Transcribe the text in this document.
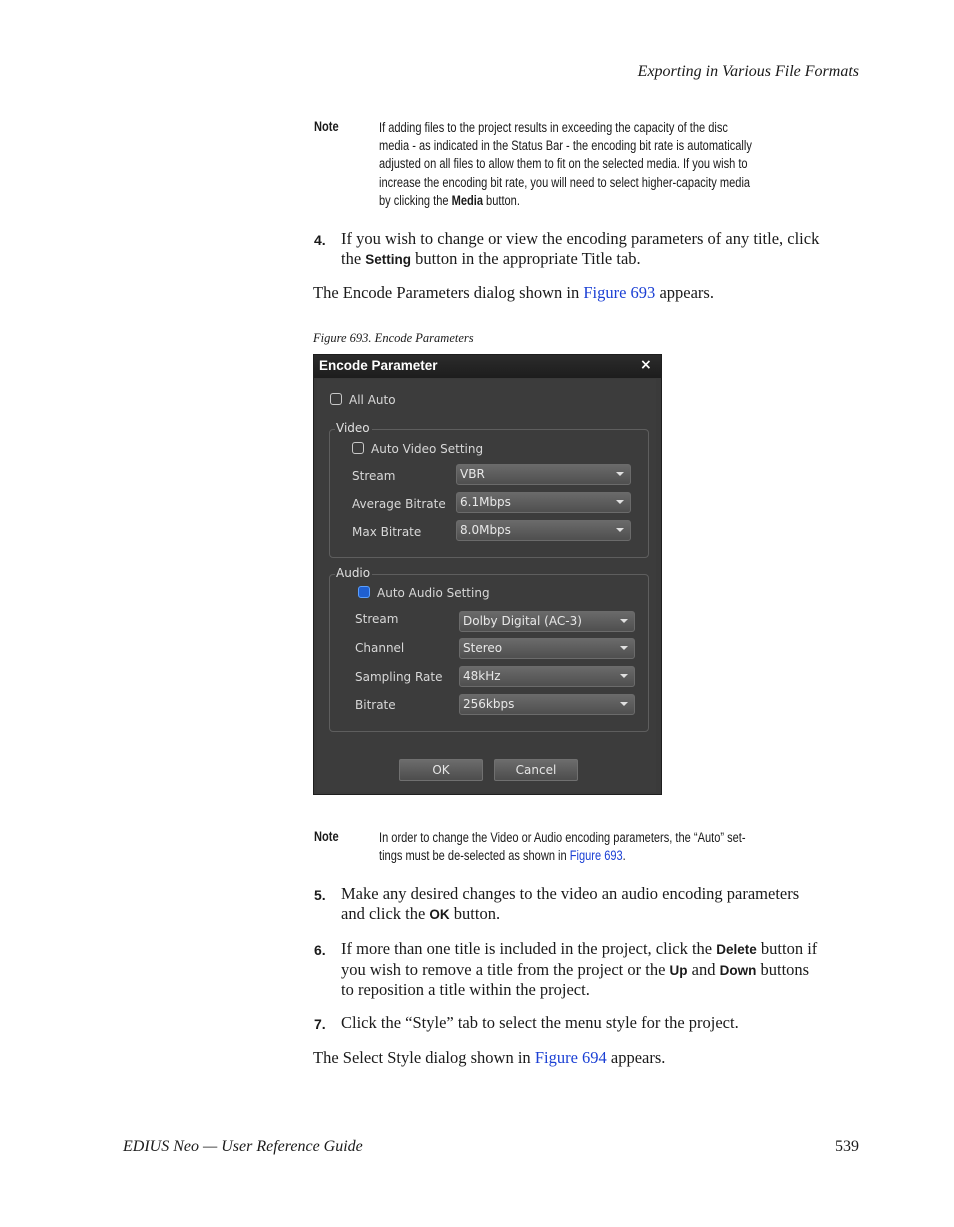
Exporting in Various File Formats
Note	If adding files to the project results in exceeding the capacity of the disc
media - as indicated in the Status Bar - the encoding bit rate is automatically
adjusted on all files to allow them to fit on the selected media. If you wish to
increase the encoding bit rate, you will need to select higher-capacity media
by clicking the Media button.
4. If you wish to change or view the encoding parameters of any title, click
the Setting button in the appropriate Title tab.
The Encode Parameters dialog shown in Figure 693 appears.
Figure 693. Encode Parameters
Encode Parameter	×
All Auto
Video
Auto Video Setting
Stream	VBR
Average Bitrate 6.1Mbps
Max Bitrate	8.0Mbps
Audio
Auto Audio Setting
Stream	Dolby Digital (AC-3)
Channel	Stereo
Sampling Rate 48kHz
Bitrate	256kbps
OK	Cancel
Note	In order to change the Video or Audio encoding parameters, the “Auto” set-
tings must be de-selected as shown in Figure 693.
5. Make any desired changes to the video an audio encoding parameters
and click the OK button.
6. If more than one title is included in the project, click the Delete button if
you wish to remove a title from the project or the Up and Down buttons
to reposition a title within the project.
7. Click the “Style” tab to select the menu style for the project.
The Select Style dialog shown in Figure 694 appears.
EDIUS Neo — User Reference Guide	539
